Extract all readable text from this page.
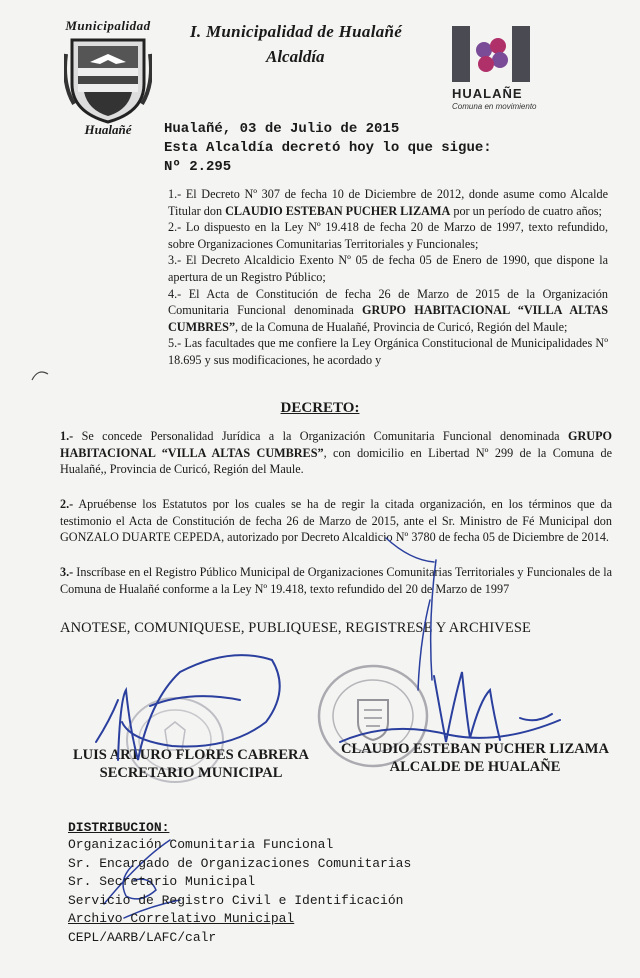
Municipalidad
Hualañé
I. Municipalidad de Hualañé
Alcaldía
HUALAÑE
Comuna en movimiento
Hualañé, 03 de Julio de 2015
Esta Alcaldía decretó hoy lo que sigue:
Nº 2.295

1.- El Decreto Nº 307 de fecha 10 de Diciembre de 2012, donde asume como Alcalde Titular don CLAUDIO ESTEBAN PUCHER LIZAMA por un período de cuatro años;

2.- Lo dispuesto en la Ley Nº 19.418 de fecha 20 de Marzo de 1997, texto refundido, sobre Organizaciones Comunitarias Territoriales y Funcionales;

3.- El Decreto Alcaldicio Exento Nº 05 de fecha 05 de Enero de 1990, que dispone la apertura de un Registro Público;

4.- El Acta de Constitución de fecha 26 de Marzo de 2015 de la Organización Comunitaria Funcional denominada GRUPO HABITACIONAL “VILLA ALTAS CUMBRES”, de la Comuna de Hualañé, Provincia de Curicó, Región del Maule;

5.- Las facultades que me confiere la Ley Orgánica Constitucional de Municipalidades Nº 18.695 y sus modificaciones, he acordado y

DECRETO:
1.- Se concede Personalidad Jurídica a la Organización Comunitaria Funcional denominada GRUPO HABITACIONAL “VILLA ALTAS CUMBRES”, con domicilio en Libertad Nº 299 de la Comuna de Hualañé,, Provincia de Curicó, Región del Maule.
2.- Apruébense los Estatutos por los cuales se ha de regir la citada organización, en los términos que da testimonio el Acta de Constitución de fecha 26 de Marzo de 2015, ante el Sr. Ministro de Fé Municipal don GONZALO DUARTE CEPEDA, autorizado por Decreto Alcaldicio Nº 3780 de fecha 05 de Diciembre de 2014.
3.- Inscríbase en el Registro Público Municipal de Organizaciones Comunitarias Territoriales y Funcionales de la Comuna de Hualañé conforme a la Ley Nº 19.418, texto refundido del 20 de Marzo de 1997
ANOTESE, COMUNIQUESE, PUBLIQUESE, REGISTRESE Y ARCHIVESE
LUIS ARTURO FLORES CABRERA
SECRETARIO MUNICIPAL
CLAUDIO ESTEBAN PUCHER LIZAMA
ALCALDE DE HUALAÑE
DISTRIBUCION:
Organización Comunitaria Funcional
Sr. Encargado de Organizaciones Comunitarias
Sr. Secretario Municipal
Servicio de Registro Civil e Identificación
Archivo Correlativo Municipal
CEPL/AARB/LAFC/calr
